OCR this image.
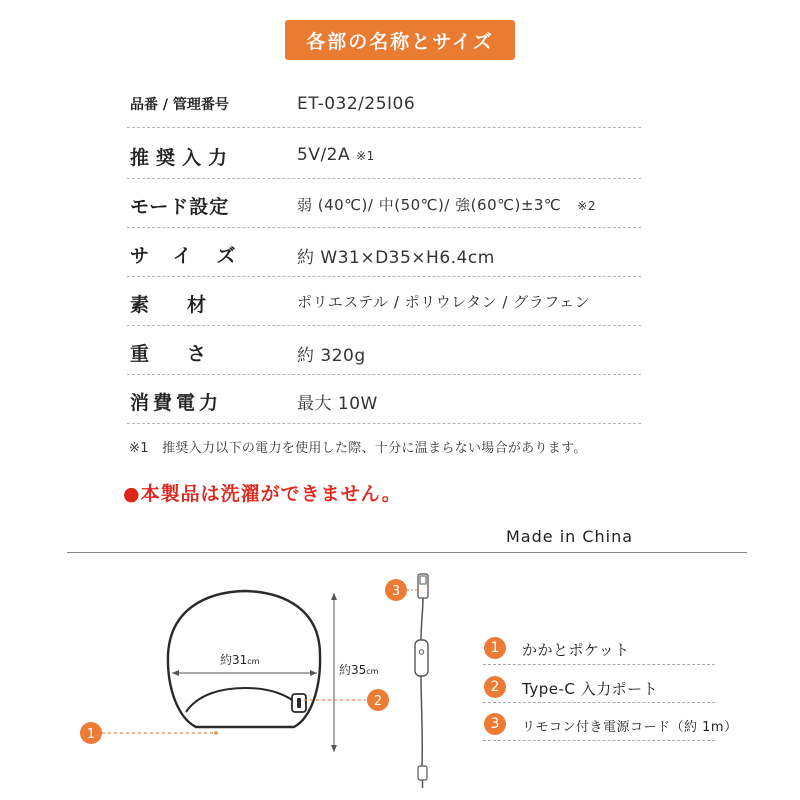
各部の名称とサイズ
品番 / 管理番号	ET-032/25I06
推奨入力	5V/2A ※1
モード設定	弱 (40℃)/ 中(50℃)/ 強(60℃)±3℃ ※2
サイズ 約 W31×D35×H6.4cm
素　　材	ポリエステル / ポリウレタン / グラフェン
重　　さ	約 320g
消費電力	最大 10W
※1　推奨入力以下の電力を使用した際、十分に温まらない場合があります。
●本製品は洗濯ができません。
Made in China
約31cm
約35cm
1
2
3
1	かかとポケット
2	Type-C 入力ポート
3	リモコン付き電源コード（約 1m）
